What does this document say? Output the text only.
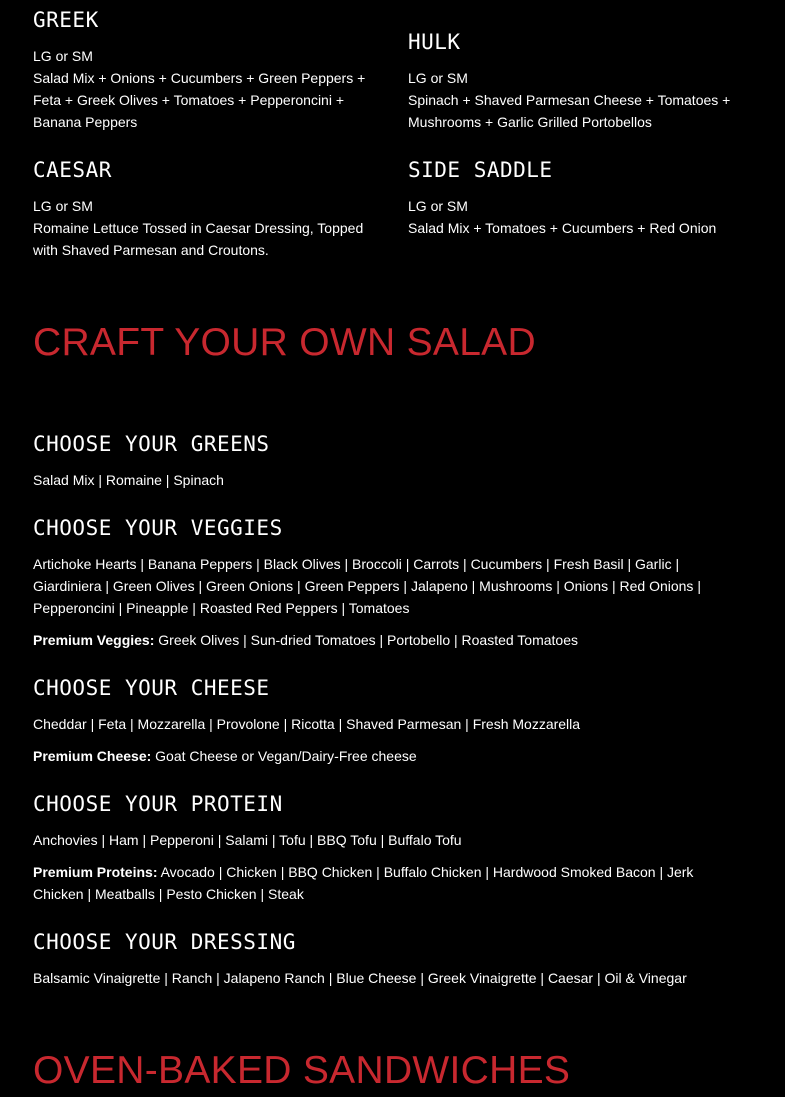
GREEK
LG or SM
Salad Mix + Onions + Cucumbers + Green Peppers + Feta + Greek Olives + Tomatoes + Pepperoncini + Banana Peppers
HULK
LG or SM
Spinach + Shaved Parmesan Cheese + Tomatoes + Mushrooms + Garlic Grilled Portobellos
CAESAR
LG or SM
Romaine Lettuce Tossed in Caesar Dressing, Topped with Shaved Parmesan and Croutons.
SIDE SADDLE
LG or SM
Salad Mix + Tomatoes + Cucumbers + Red Onion
CRAFT YOUR OWN SALAD
CHOOSE YOUR GREENS
Salad Mix | Romaine | Spinach
CHOOSE YOUR VEGGIES
Artichoke Hearts | Banana Peppers | Black Olives | Broccoli | Carrots | Cucumbers | Fresh Basil | Garlic | Giardiniera | Green Olives | Green Onions | Green Peppers | Jalapeno | Mushrooms | Onions | Red Onions | Pepperoncini | Pineapple | Roasted Red Peppers | Tomatoes
Premium Veggies: Greek Olives | Sun-dried Tomatoes | Portobello | Roasted Tomatoes
CHOOSE YOUR CHEESE
Cheddar | Feta | Mozzarella | Provolone | Ricotta | Shaved Parmesan | Fresh Mozzarella
Premium Cheese: Goat Cheese or Vegan/Dairy-Free cheese
CHOOSE YOUR PROTEIN
Anchovies | Ham | Pepperoni | Salami | Tofu | BBQ Tofu | Buffalo Tofu
Premium Proteins: Avocado | Chicken | BBQ Chicken | Buffalo Chicken | Hardwood Smoked Bacon | Jerk Chicken | Meatballs | Pesto Chicken | Steak
CHOOSE YOUR DRESSING
Balsamic Vinaigrette | Ranch | Jalapeno Ranch | Blue Cheese | Greek Vinaigrette | Caesar | Oil & Vinegar
OVEN-BAKED SANDWICHES
